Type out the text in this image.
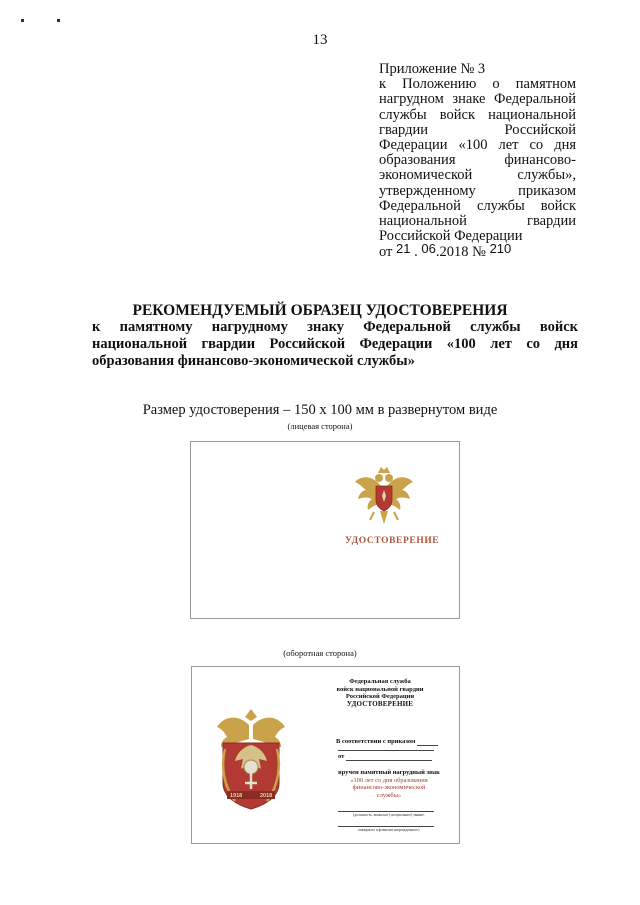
13
Приложение № 3
к Положению о памятном
нагрудном знаке Федеральной
службы войск национальной
гвардии Российской
Федерации «100 лет со дня
образования финансово-
экономической службы»,
утвержденному приказом
Федеральной службы войск
национальной гвардии
Российской Федерации
от 21 . 06.2018 № 210
РЕКОМЕНДУЕМЫЙ ОБРАЗЕЦ УДОСТОВЕРЕНИЯ
к памятному нагрудному знаку Федеральной службы войск
национальной гвардии Российской Федерации «100 лет со дня
образования финансово-экономической службы»
Размер удостоверения – 150 х 100 мм в развернутом виде
(лицевая сторона)
УДОСТОВЕРЕНИЕ
(оборотная сторона)
1918	2018
Федеральная служба
войск национальной гвардии
Российской Федерации
УДОСТОВЕРЕНИЕ
В соответствии с приказом
от
вручен памятный нагрудный знак
«100 лет со дня образования
финансово-экономической
службы»
(должность, воинское (специальное) звание,
инициалы и фамилия награжденного)
